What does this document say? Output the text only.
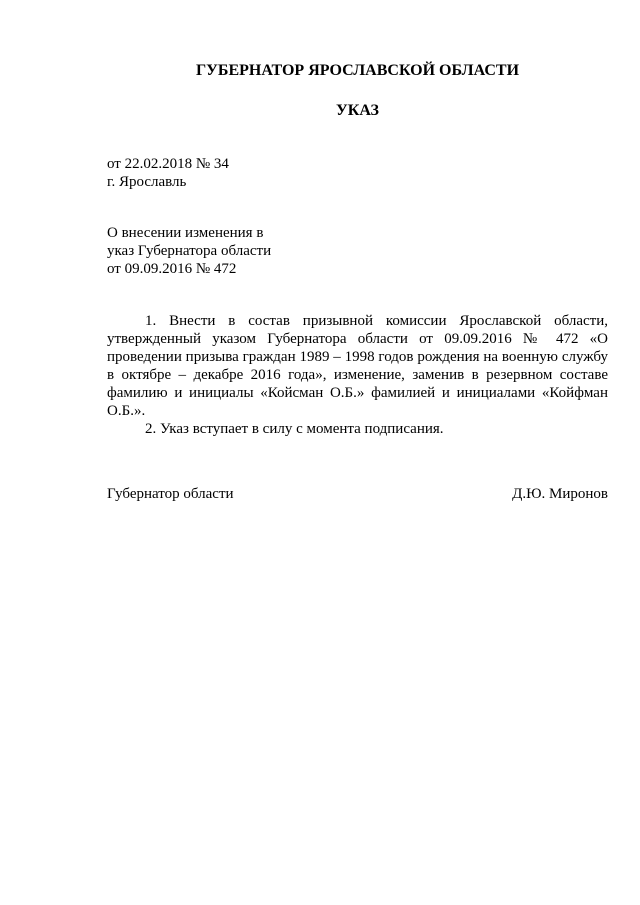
ГУБЕРНАТОР ЯРОСЛАВСКОЙ ОБЛАСТИ
УКАЗ
от 22.02.2018 № 34
г. Ярославль
О внесении изменения в
указ Губернатора области
от 09.09.2016 № 472

1. Внести в состав призывной комиссии Ярославской области, утвержденный указом Губернатора области от 09.09.2016 № 472 «О проведении призыва граждан 1989 – 1998 годов рождения на военную службу в октябре – декабре 2016 года», изменение, заменив в резервном составе фамилию и инициалы «Койсман О.Б.» фамилией и инициалами «Койфман О.Б.».

2. Указ вступает в силу с момента подписания.

Губернатор области	Д.Ю. Миронов
